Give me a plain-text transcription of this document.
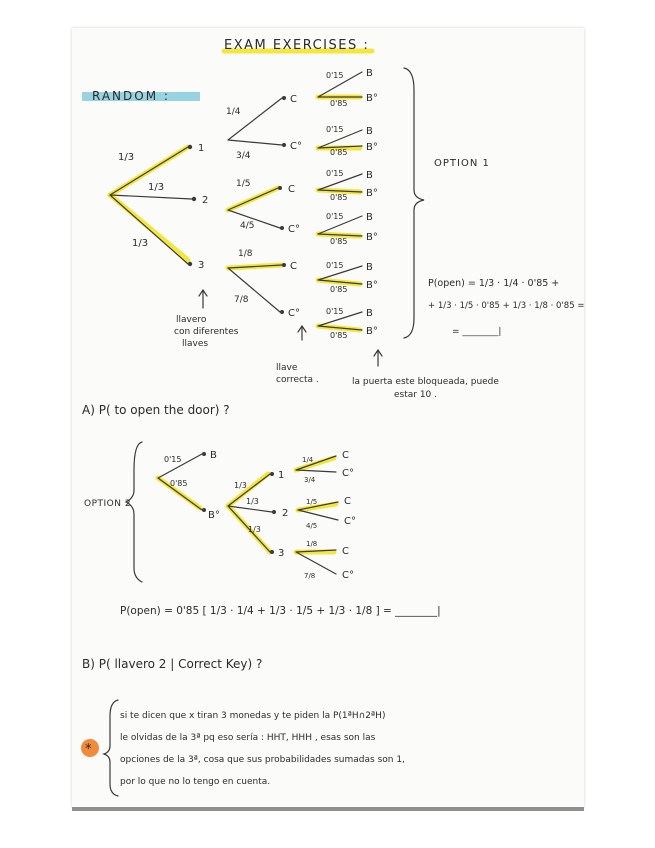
EXAM EXERCISES :
RANDOM :
1/3
1/3
1/3
1
2
3
1/4
3/4
1/5
4/5
1/8
7/8
C
C°
C
C°
C
C°
0'15
0'85
0'15
0'85
0'15
0'85
0'15
0'85
0'15
0'85
0'15
0'85
B
B°
B
B°
B
B°
B
B°
B
B°
B
B°
OPTION 1
llavero
con diferentes
llaves
llave
correcta .	la puerta este bloqueada, puede
estar 10 .
P(open) = 1/3 · 1/4 · 0'85 +
+ 1/3 · 1/5 · 0'85 + 1/3 · 1/8 · 0'85 =
= ________|
A) P( to open the door) ?
OPTION 2
0'15
0'85
B
B°
1/3
1/3
1/3
1
2
3
1/4
3/4
1/5
4/5
1/8
7/8
C
C°
C
C°
C
C°
P(open) = 0'85 [ 1/3 · 1/4 + 1/3 · 1/5 + 1/3 · 1/8 ] = ________|
B) P( llavero 2 | Correct Key) ?
*
si te dicen que x tiran 3 monedas y te piden la P(1ªH∩2ªH)
le olvidas de la 3ª pq eso sería : HHT, HHH , esas son las
opciones de la 3ª, cosa que sus probabilidades sumadas son 1,
por lo que no lo tengo en cuenta.
